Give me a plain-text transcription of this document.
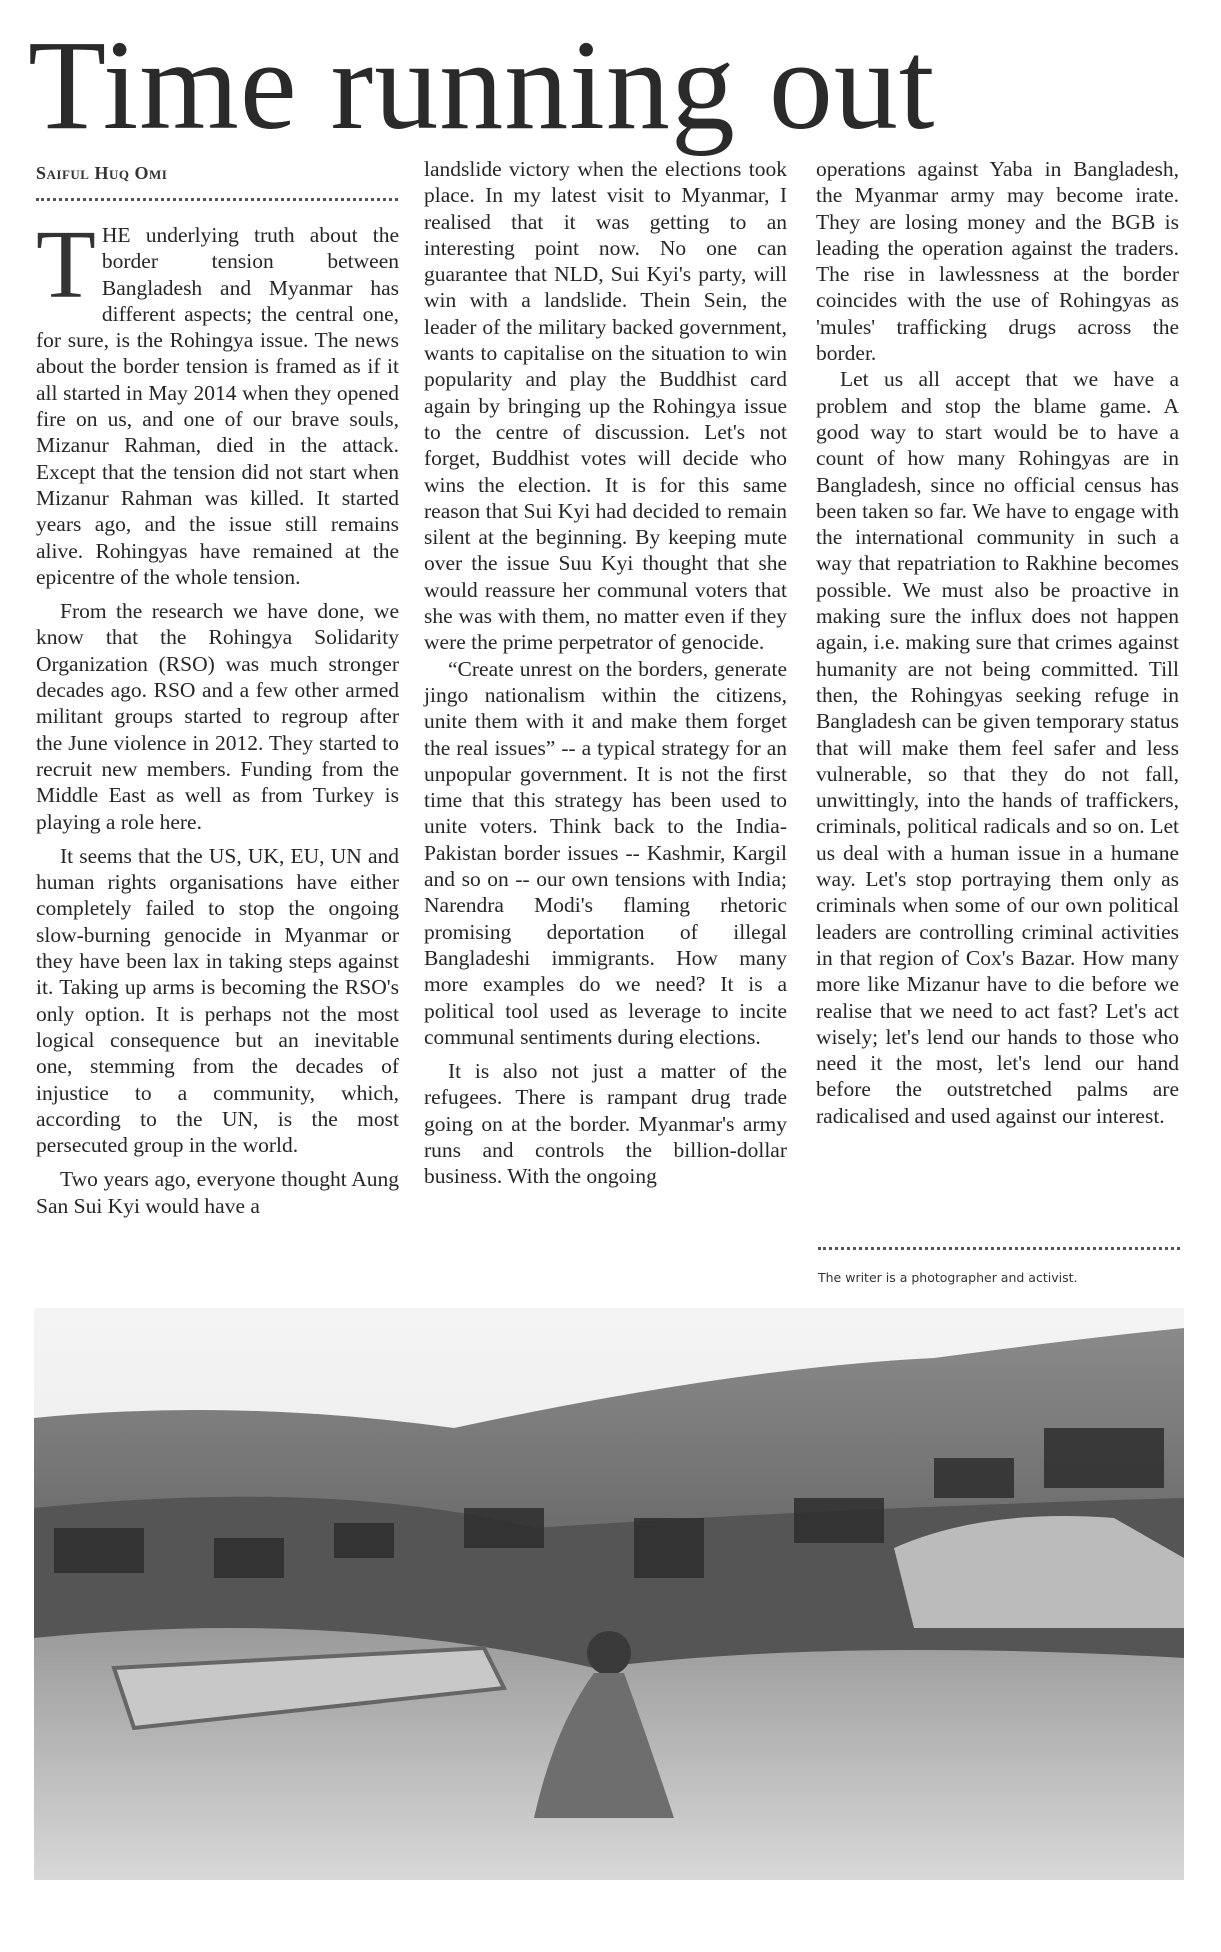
Time running out
Saiful Huq Omi

THE underlying truth about the border tension between Bangladesh and Myanmar has different aspects; the central one, for sure, is the Rohingya issue. The news about the border tension is framed as if it all started in May 2014 when they opened fire on us, and one of our brave souls, Mizanur Rahman, died in the attack. Except that the tension did not start when Mizanur Rahman was killed. It started years ago, and the issue still remains alive. Rohingyas have remained at the epicentre of the whole tension.

From the research we have done, we know that the Rohingya Solidarity Organization (RSO) was much stronger decades ago. RSO and a few other armed militant groups started to regroup after the June violence in 2012. They started to recruit new members. Funding from the Middle East as well as from Turkey is playing a role here.

It seems that the US, UK, EU, UN and human rights organisations have either completely failed to stop the ongoing slow-burning genocide in Myanmar or they have been lax in taking steps against it. Taking up arms is becoming the RSO's only option. It is perhaps not the most logical consequence but an inevitable one, stemming from the decades of injustice to a community, which, according to the UN, is the most persecuted group in the world.

Two years ago, everyone thought Aung San Sui Kyi would have a

landslide victory when the elections took place. In my latest visit to Myanmar, I realised that it was getting to an interesting point now. No one can guarantee that NLD, Sui Kyi's party, will win with a landslide. Thein Sein, the leader of the military backed government, wants to capitalise on the situation to win popularity and play the Buddhist card again by bringing up the Rohingya issue to the centre of discussion. Let's not forget, Buddhist votes will decide who wins the election. It is for this same reason that Sui Kyi had decided to remain silent at the beginning. By keeping mute over the issue Suu Kyi thought that she would reassure her communal voters that she was with them, no matter even if they were the prime perpetrator of genocide.

“Create unrest on the borders, generate jingo nationalism within the citizens, unite them with it and make them forget the real issues” -- a typical strategy for an unpopular government. It is not the first time that this strategy has been used to unite voters. Think back to the India-Pakistan border issues -- Kashmir, Kargil and so on -- our own tensions with India; Narendra Modi's flaming rhetoric promising deportation of illegal Bangladeshi immigrants. How many more examples do we need? It is a political tool used as leverage to incite communal sentiments during elections.

It is also not just a matter of the refugees. There is rampant drug trade going on at the border. Myanmar's army runs and controls the billion-dollar business. With the ongoing

operations against Yaba in Bangladesh, the Myanmar army may become irate. They are losing money and the BGB is leading the operation against the traders. The rise in lawlessness at the border coincides with the use of Rohingyas as 'mules' trafficking drugs across the border.

Let us all accept that we have a problem and stop the blame game. A good way to start would be to have a count of how many Rohingyas are in Bangladesh, since no official census has been taken so far. We have to engage with the international community in such a way that repatriation to Rakhine becomes possible. We must also be proactive in making sure the influx does not happen again, i.e. making sure that crimes against humanity are not being committed. Till then, the Rohingyas seeking refuge in Bangladesh can be given temporary status that will make them feel safer and less vulnerable, so that they do not fall, unwittingly, into the hands of traffickers, criminals, political radicals and so on. Let us deal with a human issue in a humane way. Let's stop portraying them only as criminals when some of our own political leaders are controlling criminal activities in that region of Cox's Bazar. How many more like Mizanur have to die before we realise that we need to act fast? Let's act wisely; let's lend our hands to those who need it the most, let's lend our hand before the outstretched palms are radicalised and used against our interest.

The writer is a photographer and activist.
